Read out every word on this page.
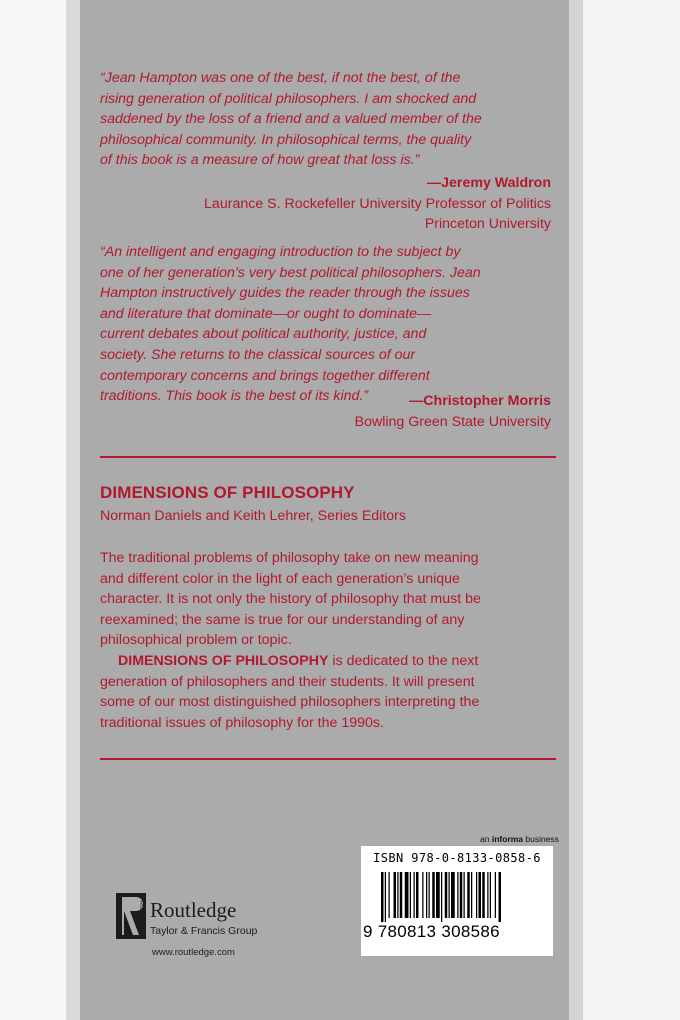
“Jean Hampton was one of the best, if not the best, of the
rising generation of political philosophers. I am shocked and
saddened by the loss of a friend and a valued member of the
philosophical community. In philosophical terms, the quality
of this book is a measure of how great that loss is.”
—Jeremy Waldron
Laurance S. Rockefeller University Professor of Politics
Princeton University
“An intelligent and engaging introduction to the subject by
one of her generation’s very best political philosophers. Jean
Hampton instructively guides the reader through the issues
and literature that dominate—or ought to dominate—
current debates about political authority, justice, and
society. She returns to the classical sources of our
contemporary concerns and brings together different
traditions. This book is the best of its kind.”	—Christopher Morris
Bowling Green State University
DIMENSIONS OF PHILOSOPHY
Norman Daniels and Keith Lehrer, Series Editors
The traditional problems of philosophy take on new meaning
and different color in the light of each generation’s unique
character. It is not only the history of philosophy that must be
reexamined; the same is true for our understanding of any
philosophical problem or topic.
DIMENSIONS OF PHILOSOPHY is dedicated to the next
generation of philosophers and their students. It will present
some of our most distinguished philosophers interpreting the
traditional issues of philosophy for the 1990s.
an informa business
ISBN 978-0-8133-0858-6
9 780813 308586
ROUTLEDGE Routledge
Taylor & Francis Group
www.routledge.com
